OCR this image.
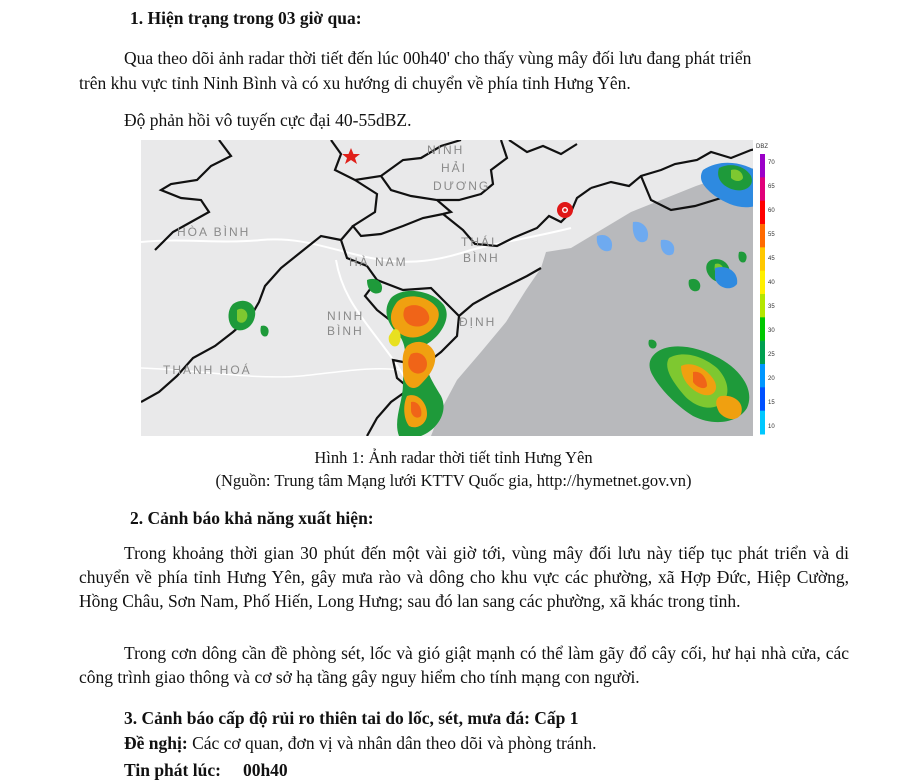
1. Hiện trạng trong 03 giờ qua:

Qua theo dõi ảnh radar thời tiết đến lúc 00h40' cho thấy vùng mây đối lưu đang phát triển

trên khu vực tỉnh Ninh Bình và có xu hướng di chuyển về phía tỉnh Hưng Yên.

Độ phản hồi vô tuyến cực đại 40-55dBZ.

HÒA BÌNH
HÀ NAM
THÁI
BÌNH
NINH
BÌNH
ĐỊNH
THANH HOÁ
HẢI
DƯƠNG
NINH	DBZ
70
65
60
55
45
40
35
30
25
20
15
10

Hình 1: Ảnh radar thời tiết tỉnh Hưng Yên

(Nguồn: Trung tâm Mạng lưới KTTV Quốc gia, http://hymetnet.gov.vn)

2. Cảnh báo khả năng xuất hiện:

Trong khoảng thời gian 30 phút đến một vài giờ tới, vùng mây đối lưu này tiếp tục phát triển và di chuyển về phía tỉnh Hưng Yên, gây mưa rào và dông cho khu vực các phường, xã Hợp Đức, Hiệp Cường, Hồng Châu, Sơn Nam, Phố Hiến, Long Hưng; sau đó lan sang các phường, xã khác trong tỉnh.

Trong cơn dông cần đề phòng sét, lốc và gió giật mạnh có thể làm gãy đổ cây cối, hư hại nhà cửa, các công trình giao thông và cơ sở hạ tầng gây nguy hiểm cho tính mạng con người.

3. Cảnh báo cấp độ rủi ro thiên tai do lốc, sét, mưa đá: Cấp 1

Đề nghị: Các cơ quan, đơn vị và nhân dân theo dõi và phòng tránh.

Tin phát lúc: 00h40
